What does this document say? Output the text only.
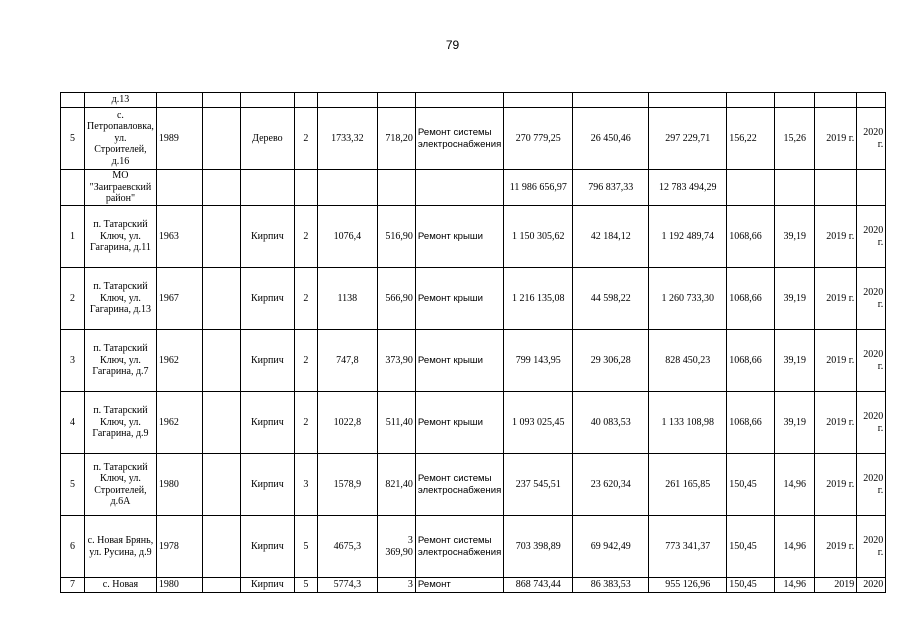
79
	д.13														
5	с. Петропавловка, ул. Строителей, д.16	1989		Дерево	2	1733,32	718,20	Ремонт системы электроснабжения	270 779,25	26 450,46	297 229,71	156,22	15,26	2019 г.	2020 г.
	МО "Заиграевский район"								11 986 656,97	796 837,33	12 783 494,29				
1	п. Татарский Ключ, ул. Гагарина, д.11	1963		Кирпич	2	1076,4	516,90	Ремонт крыши	1 150 305,62	42 184,12	1 192 489,74	1068,66	39,19	2019 г.	2020 г.
2	п. Татарский Ключ, ул. Гагарина, д.13	1967		Кирпич	2	1138	566,90	Ремонт крыши	1 216 135,08	44 598,22	1 260 733,30	1068,66	39,19	2019 г.	2020 г.
3	п. Татарский Ключ, ул. Гагарина, д.7	1962		Кирпич	2	747,8	373,90	Ремонт крыши	799 143,95	29 306,28	828 450,23	1068,66	39,19	2019 г.	2020 г.
4	п. Татарский Ключ, ул. Гагарина, д.9	1962		Кирпич	2	1022,8	511,40	Ремонт крыши	1 093 025,45	40 083,53	1 133 108,98	1068,66	39,19	2019 г.	2020 г.
5	п. Татарский Ключ, ул. Строителей, д.6А	1980		Кирпич	3	1578,9	821,40	Ремонт системы электроснабжения	237 545,51	23 620,34	261 165,85	150,45	14,96	2019 г.	2020 г.
6	с. Новая Брянь, ул. Русина, д.9	1978		Кирпич	5	4675,3	3 369,90	Ремонт системы электроснабжения	703 398,89	69 942,49	773 341,37	150,45	14,96	2019 г.	2020 г.
7	с. Новая	1980		Кирпич	5	5774,3	3	Ремонт	868 743,44	86 383,53	955 126,96	150,45	14,96	2019	2020
